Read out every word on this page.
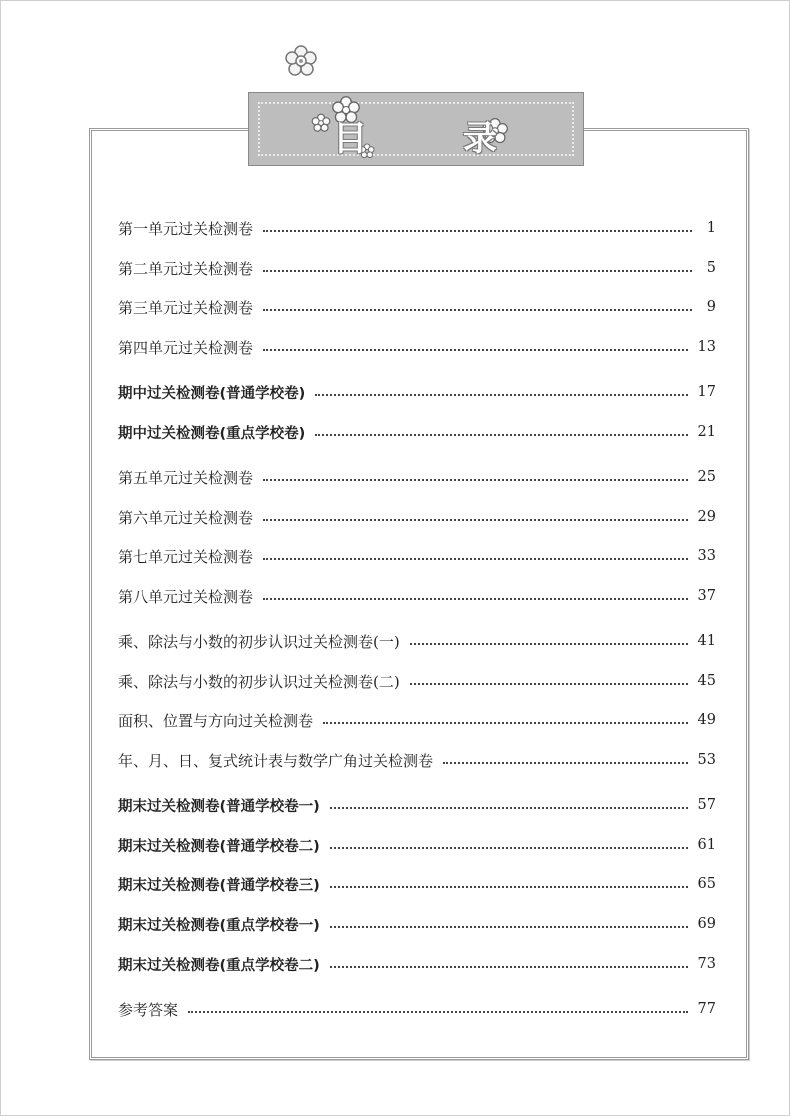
目 录
第一单元过关检测卷	1
第二单元过关检测卷	5
第三单元过关检测卷	9
第四单元过关检测卷	13
期中过关检测卷(普通学校卷)	17
期中过关检测卷(重点学校卷)	21
第五单元过关检测卷	25
第六单元过关检测卷	29
第七单元过关检测卷	33
第八单元过关检测卷	37
乘、除法与小数的初步认识过关检测卷(一)	41
乘、除法与小数的初步认识过关检测卷(二)	45
面积、位置与方向过关检测卷	49
年、月、日、复式统计表与数学广角过关检测卷	53
期末过关检测卷(普通学校卷一)	57
期末过关检测卷(普通学校卷二)	61
期末过关检测卷(普通学校卷三)	65
期末过关检测卷(重点学校卷一)	69
期末过关检测卷(重点学校卷二)	73
参考答案	77
